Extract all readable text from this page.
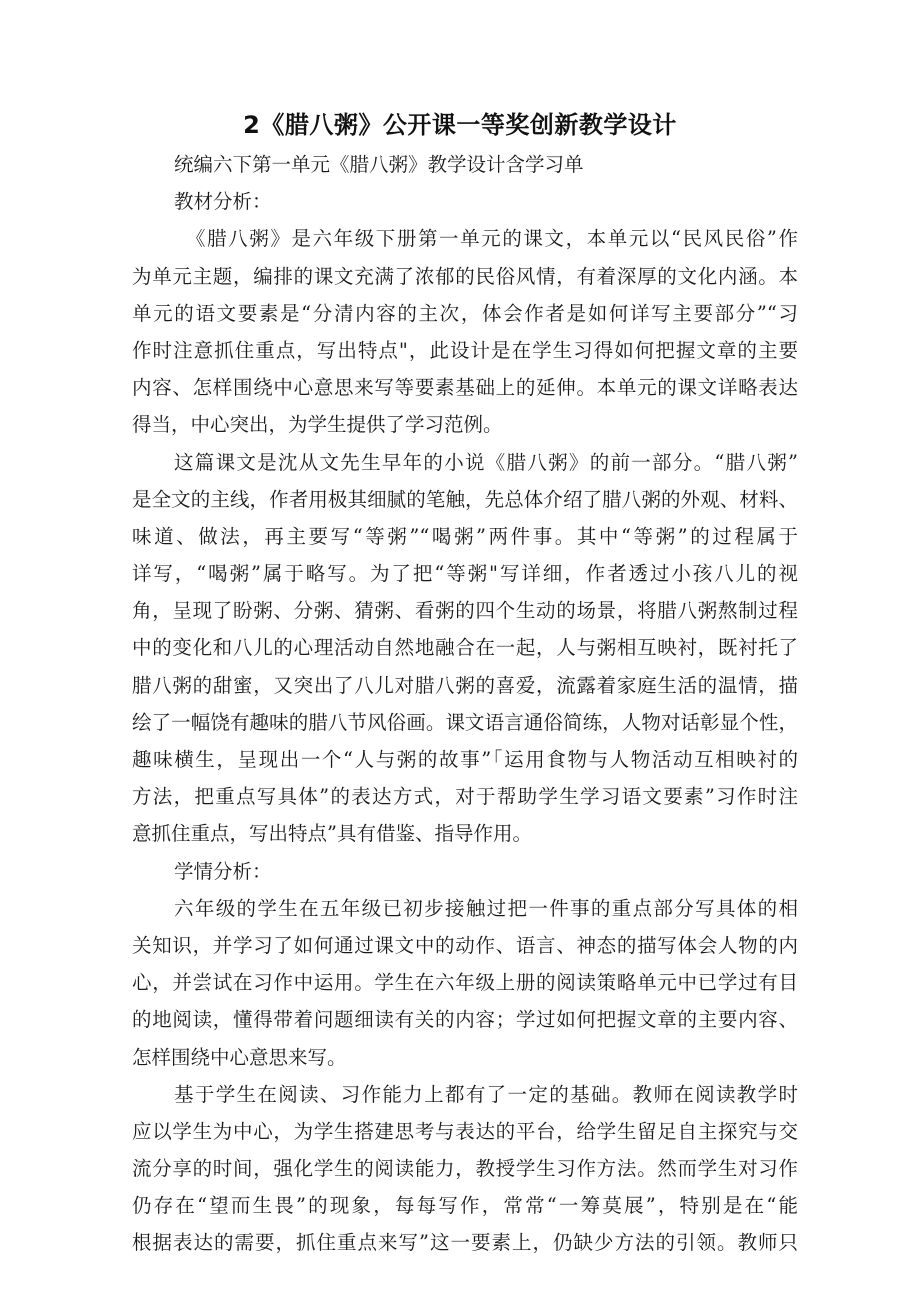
2《腊八粥》公开课一等奖创新教学设计
统编六下第一单元《腊八粥》教学设计含学习单
教材分析：
《腊八粥》是六年级下册第一单元的课文，本单元以“民风民俗”作
为单元主题，编排的课文充满了浓郁的民俗风情，有着深厚的文化内涵。本
单元的语文要素是“分清内容的主次，体会作者是如何详写主要部分”“习
作时注意抓住重点，写出特点"，此设计是在学生习得如何把握文章的主要
内容、怎样围绕中心意思来写等要素基础上的延伸。本单元的课文详略表达
得当，中心突出，为学生提供了学习范例。
这篇课文是沈从文先生早年的小说《腊八粥》的前一部分。“腊八粥”
是全文的主线，作者用极其细腻的笔触，先总体介绍了腊八粥的外观、材料、
味道、做法，再主要写“等粥”“喝粥”两件事。其中“等粥”的过程属于
详写，“喝粥”属于略写。为了把“等粥"写详细，作者透过小孩八儿的视
角，呈现了盼粥、分粥、猜粥、看粥的四个生动的场景，将腊八粥熬制过程
中的变化和八儿的心理活动自然地融合在一起，人与粥相互映衬，既衬托了
腊八粥的甜蜜，又突出了八儿对腊八粥的喜爱，流露着家庭生活的温情，描
绘了一幅饶有趣味的腊八节风俗画。课文语言通俗简练，人物对话彰显个性，
趣味横生，呈现出一个“人与粥的故事”「运用食物与人物活动互相映衬的
方法，把重点写具体”的表达方式，对于帮助学生学习语文要素”习作时注
意抓住重点，写出特点”具有借鉴、指导作用。
学情分析：
六年级的学生在五年级已初步接触过把一件事的重点部分写具体的相
关知识，并学习了如何通过课文中的动作、语言、神态的描写体会人物的内
心，并尝试在习作中运用。学生在六年级上册的阅读策略单元中已学过有目
的地阅读，懂得带着问题细读有关的内容；学过如何把握文章的主要内容、
怎样围绕中心意思来写。
基于学生在阅读、习作能力上都有了一定的基础。教师在阅读教学时
应以学生为中心，为学生搭建思考与表达的平台，给学生留足自主探究与交
流分享的时间，强化学生的阅读能力，教授学生习作方法。然而学生对习作
仍存在“望而生畏”的现象，每每写作，常常“一筹莫展”，特别是在“能
根据表达的需要，抓住重点来写”这一要素上，仍缺少方法的引领。教师只
